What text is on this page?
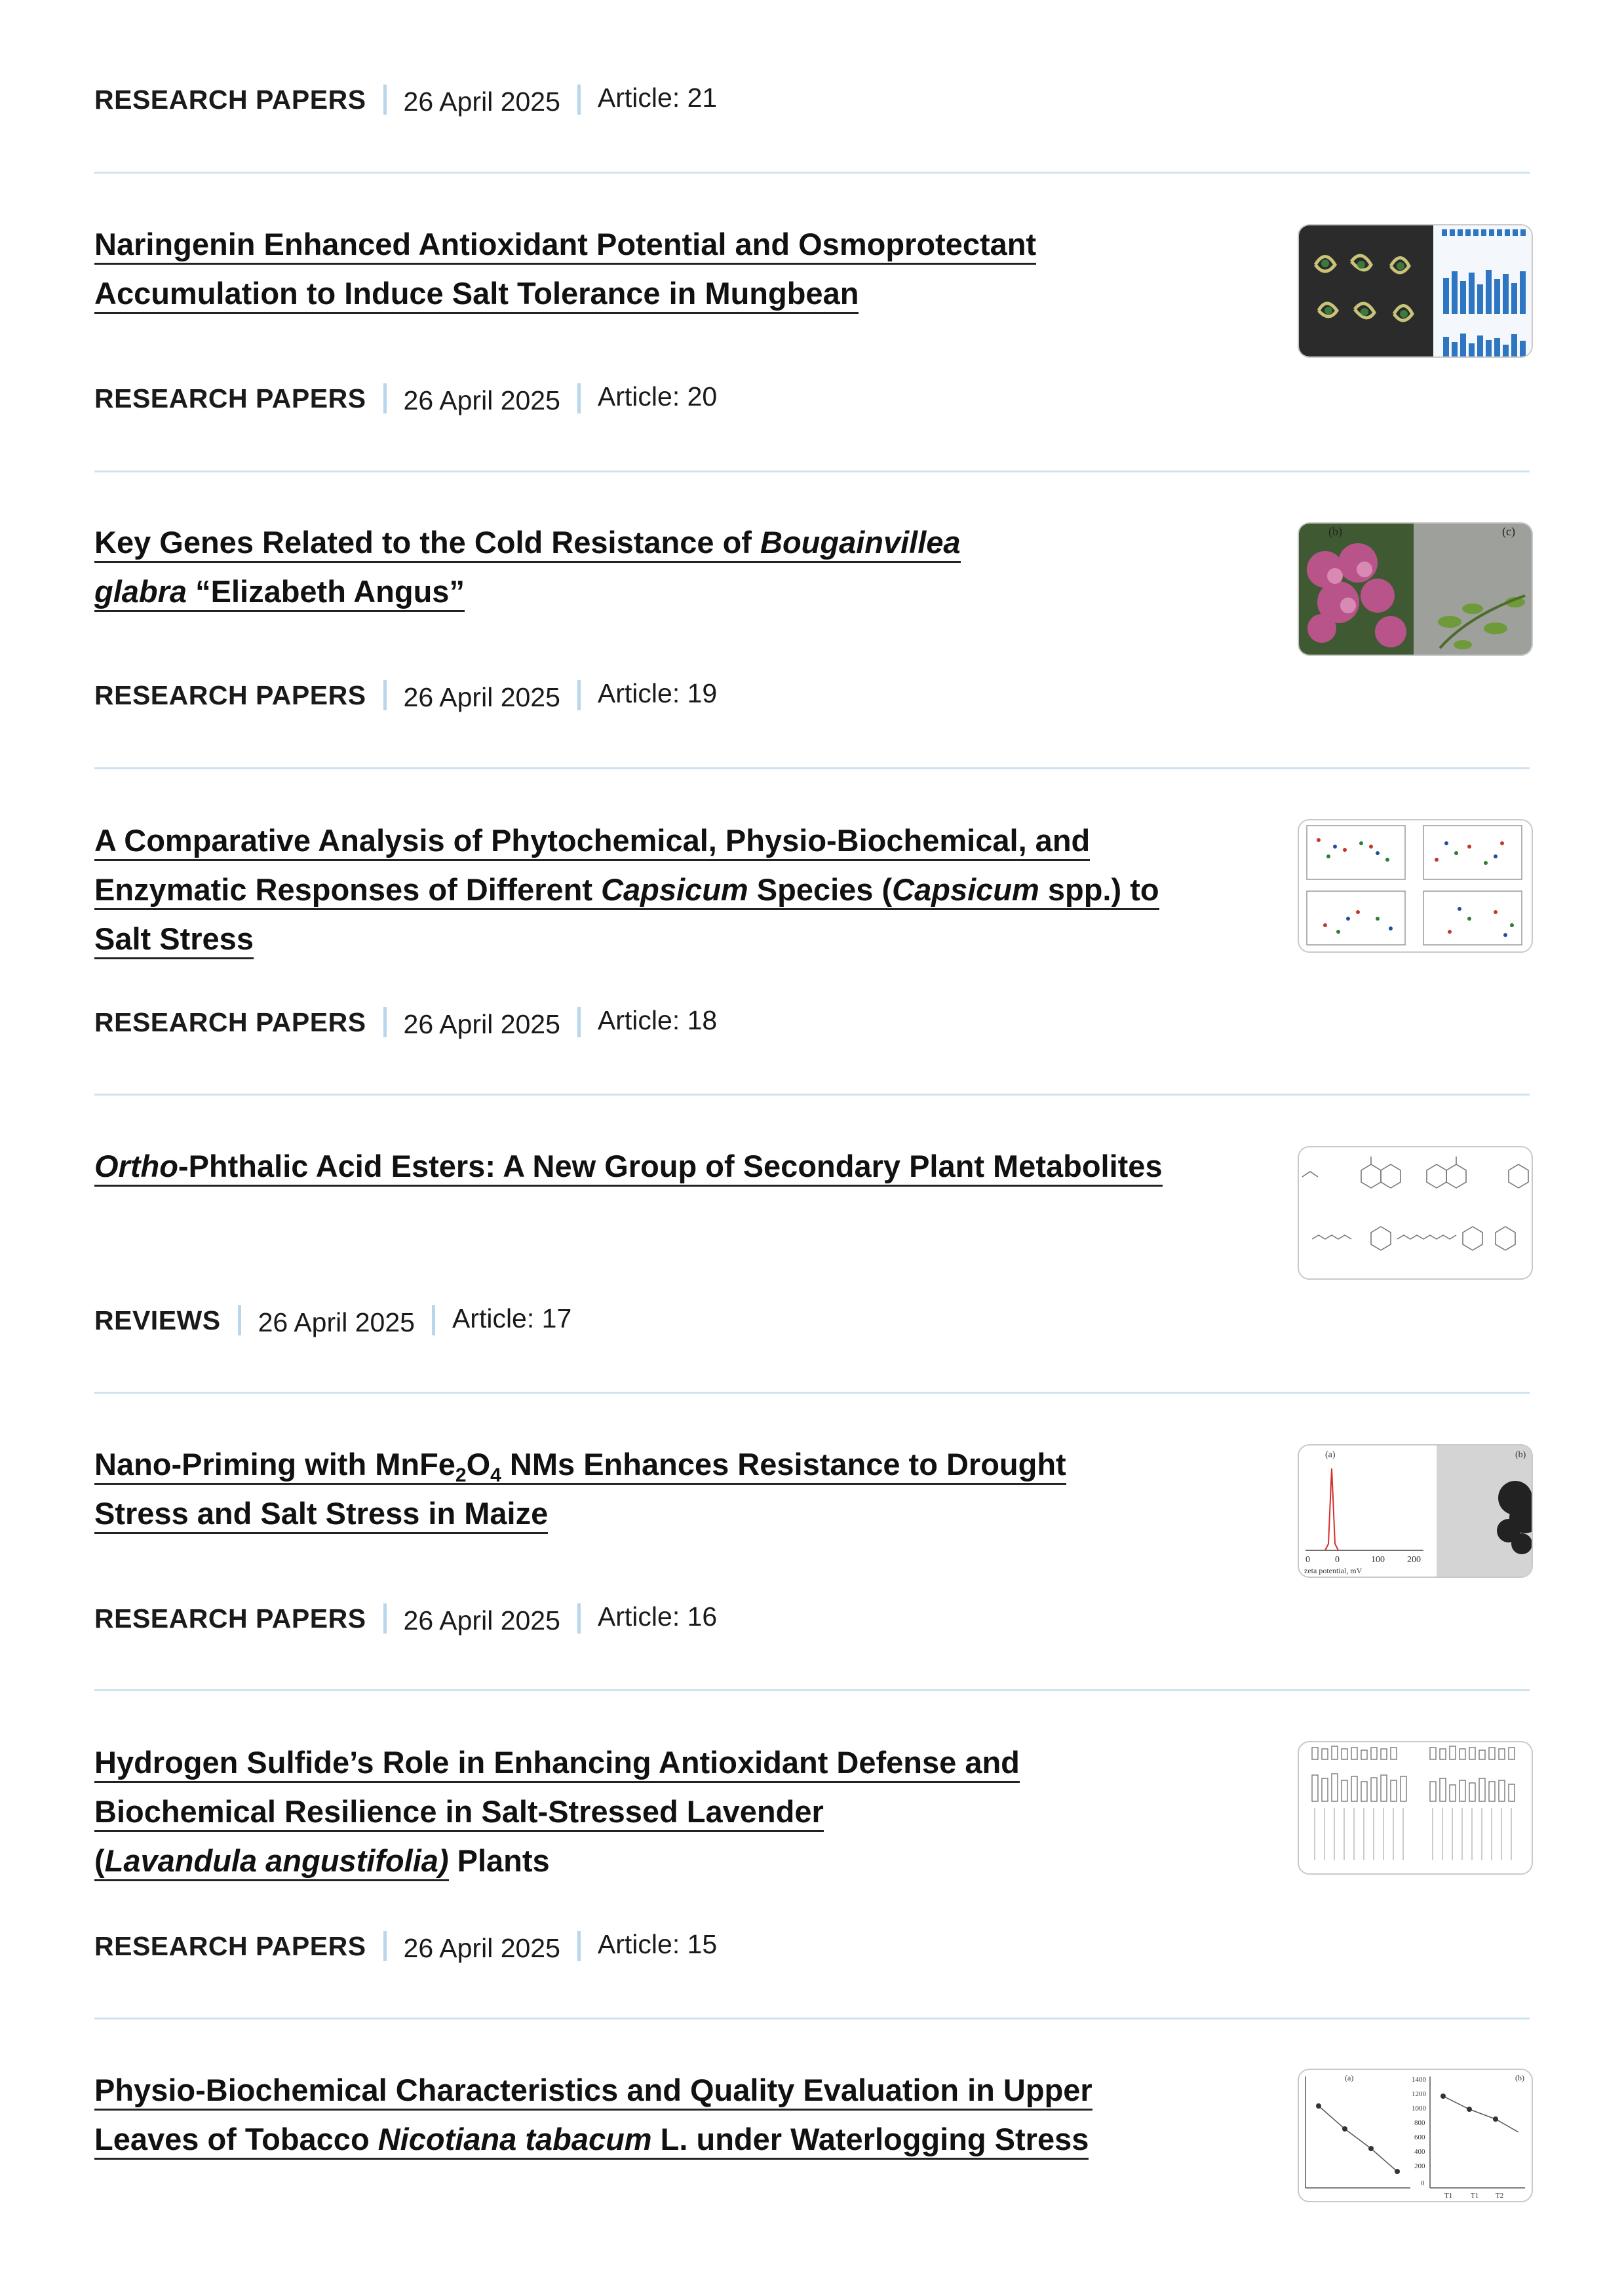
RESEARCH PAPERS 26 April 2025 Article: 21
Naringenin Enhanced Antioxidant Potential and Osmoprotectant
Accumulation to Induce Salt Tolerance in Mungbean
RESEARCH PAPERS 26 April 2025 Article: 20
Key Genes Related to the Cold Resistance of Bougainvillea
glabra “Elizabeth Angus”
(b)	(c)
RESEARCH PAPERS 26 April 2025 Article: 19
A Comparative Analysis of Phytochemical, Physio-Biochemical, and
Enzymatic Responses of Different Capsicum Species (Capsicum spp.) to
Salt Stress
RESEARCH PAPERS 26 April 2025 Article: 18
Ortho-Phthalic Acid Esters: A New Group of Secondary Plant Metabolites
REVIEWS 26 April 2025 Article: 17
Nano-Priming with $MnFe_2O_4$ NMs Enhances Resistance to Drought
Stress and Salt Stress in Maize
0	0	100 200
zeta potential, mV
(a)	(b)
RESEARCH PAPERS 26 April 2025 Article: 16
Hydrogen Sulfide’s Role in Enhancing Antioxidant Defense and
Biochemical Resilience in Salt-Stressed Lavender
(Lavandula angustifolia) Plants
RESEARCH PAPERS 26 April 2025 Article: 15
Physio-Biochemical Characteristics and Quality Evaluation in Upper
Leaves of Tobacco Nicotiana tabacum L. under Waterlogging Stress
(a)	(b)
1400
1200
1000
800
600
400
200
0
T1	T1 T2
